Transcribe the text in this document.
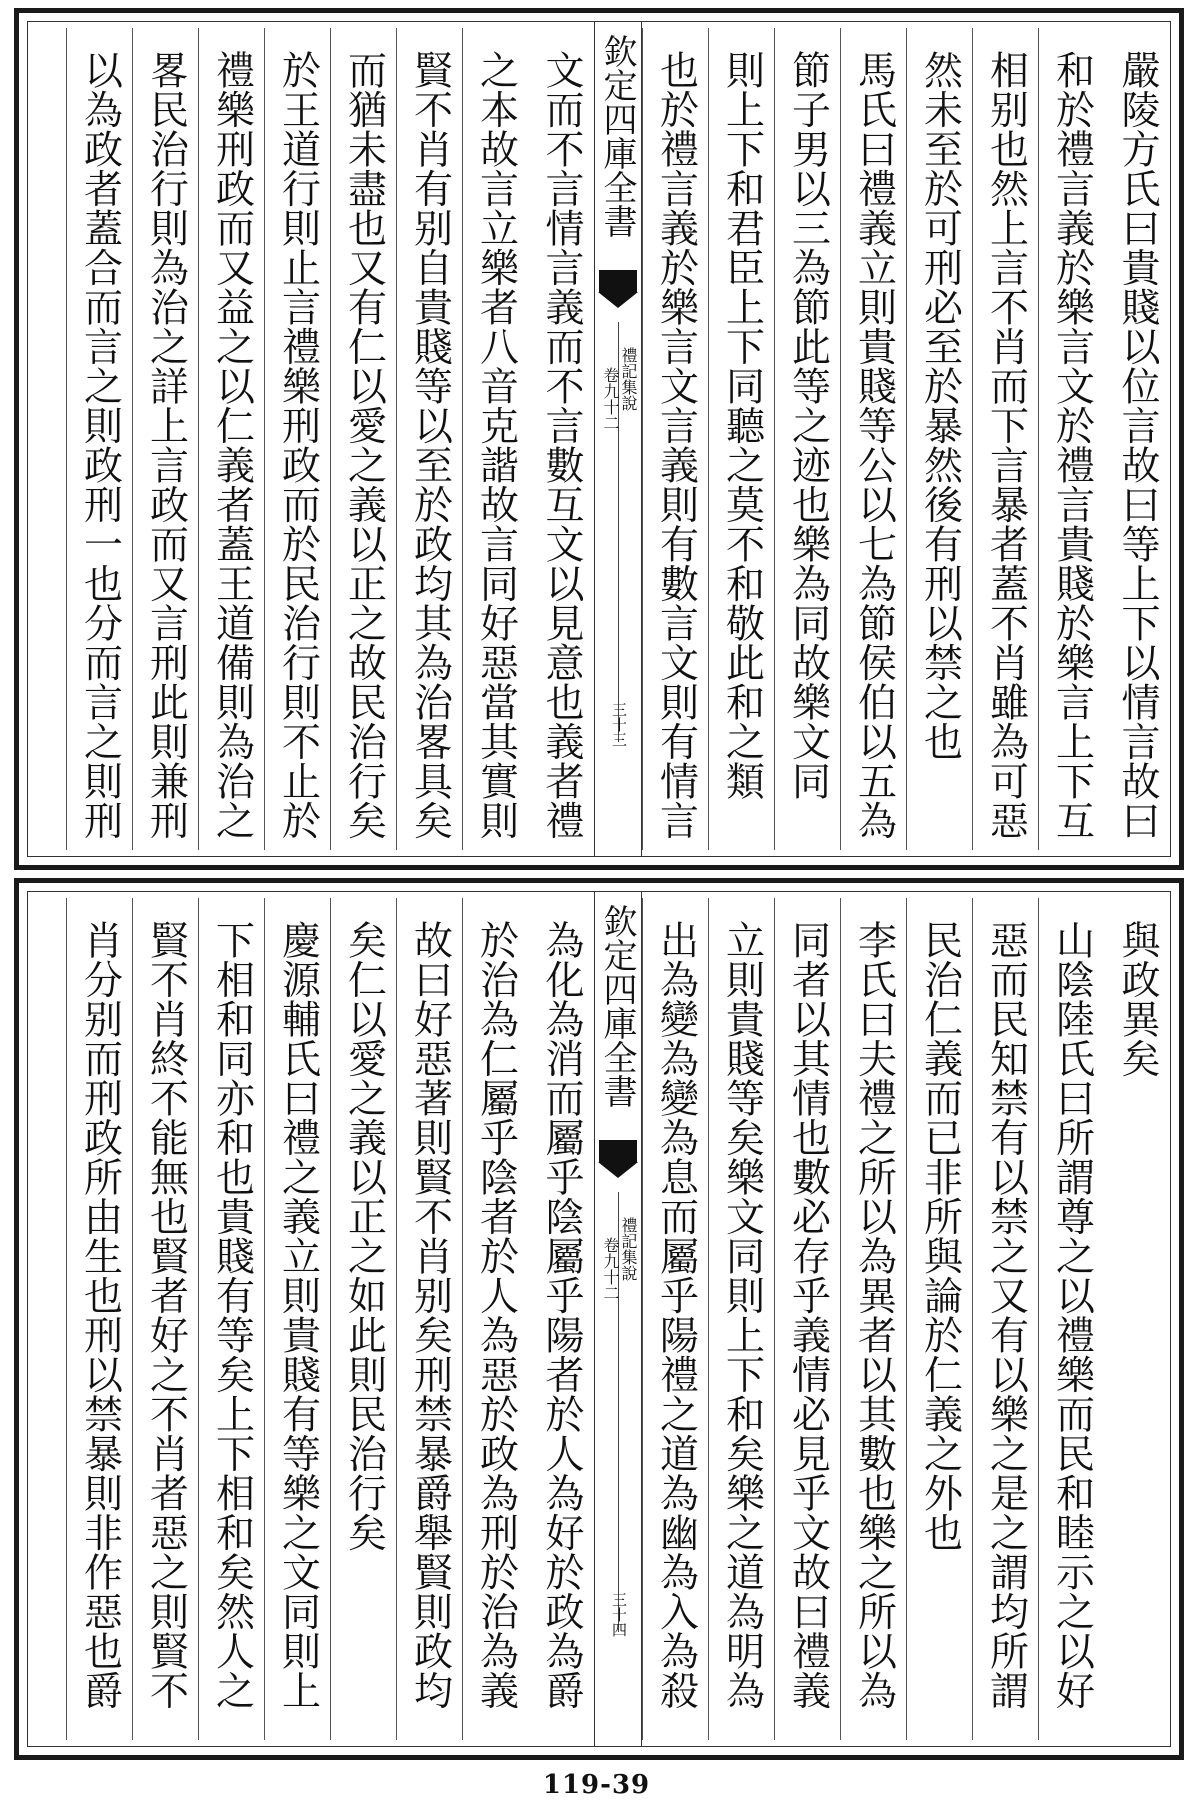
嚴陵方氏曰貴賤以位言故曰等上下以情言故曰
和於禮言義於樂言文於禮言貴賤於樂言上下互
相别也然上言不肖而下言暴者蓋不肖雖為可惡
然未至於可刑必至於暴然後有刑以禁之也
馬氏曰禮義立則貴賤等公以七為節侯伯以五為
節子男以三為節此等之迹也樂為同故樂文同
則上下和君臣上下同聽之莫不和敬此和之類
也於禮言義於樂言文言義則有數言文則有情言
欽定四庫全書
禮記集說
卷九十二
三十三
文而不言情言義而不言數互文以見意也義者禮
之本故言立樂者八音克諧故言同好惡當其實則
賢不肖有别自貴賤等以至於政均其為治畧具矣
而猶未盡也又有仁以愛之義以正之故民治行矣
於王道行則止言禮樂刑政而於民治行則不止於
禮樂刑政而又益之以仁義者蓋王道備則為治之
畧民治行則為治之詳上言政而又言刑此則兼刑
以為政者蓋合而言之則政刑一也分而言之則刑
與政異矣
山陰陸氏曰所謂尊之以禮樂而民和睦示之以好
惡而民知禁有以禁之又有以樂之是之謂均所謂
民治仁義而已非所與論於仁義之外也
李氏曰夫禮之所以為異者以其數也樂之所以為
同者以其情也數必存乎義情必見乎文故曰禮義
立則貴賤等矣樂文同則上下和矣樂之道為明為
出為變為變為息而屬乎陽禮之道為幽為入為殺
欽定四庫全書
禮記集說
卷九十二
三十四
為化為消而屬乎陰屬乎陽者於人為好於政為爵
於治為仁屬乎陰者於人為惡於政為刑於治為義
故曰好惡著則賢不肖别矣刑禁暴爵舉賢則政均
矣仁以愛之義以正之如此則民治行矣
慶源輔氏曰禮之義立則貴賤有等樂之文同則上
下相和同亦和也貴賤有等矣上下相和矣然人之
賢不肖終不能無也賢者好之不肖者惡之則賢不
肖分别而刑政所由生也刑以禁暴則非作惡也爵
119-39
